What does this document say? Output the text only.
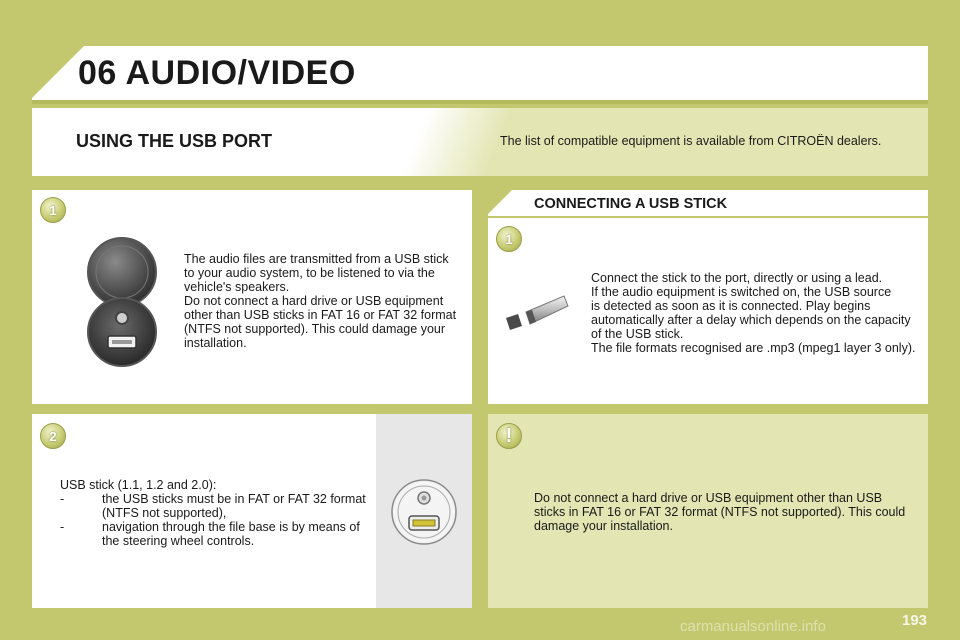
06 AUDIO/VIDEO
USING THE USB PORT	The list of compatible equipment is available from CITROËN dealers.
1

The audio files are transmitted from a USB stick

to your audio system, to be listened to via the

vehicle's speakers.

Do not connect a hard drive or USB equipment

other than USB sticks in FAT 16 or FAT 32 format

(NTFS not supported). This could damage your

installation.

2

USB stick (1.1, 1.2 and 2.0):

- the USB sticks must be in FAT or FAT 32 format (NTFS not supported),
- navigation through the file base is by means of the steering wheel controls.
CONNECTING A USB STICK
1

Connect the stick to the port, directly or using a lead.

If the audio equipment is switched on, the USB source

is detected as soon as it is connected. Play begins

automatically after a delay which depends on the capacity

of the USB stick.

The file formats recognised are .mp3 (mpeg1 layer 3 only).

!

Do not connect a hard drive or USB equipment other than USB

sticks in FAT 16 or FAT 32 format (NTFS not supported). This could

damage your installation.

carmanualsonline.info	193
